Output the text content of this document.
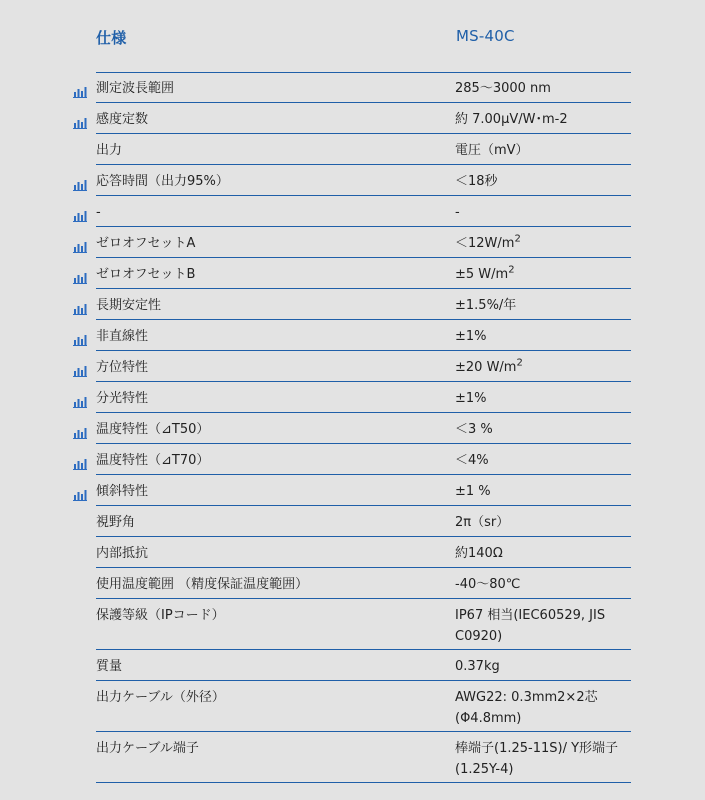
仕様	MS-40C
測定波長範囲	285～3000 nm
感度定数	約 7.00μV/W･m-2
出力	電圧（mV）
応答時間（出力95%）	＜18秒
-	-
ゼロオフセットA	$<12W/m^2$
ゼロオフセットB	±5 $W/m^2$
長期安定性	±1.5%/年
非直線性	±1%
方位特性	±20 $W/m^2$
分光特性	±1%
温度特性（⊿T50）	＜3 %
温度特性（⊿T70）	＜4%
傾斜特性	±1 %
視野角	2π（sr）
内部抵抗	約140Ω
使用温度範囲 （精度保証温度範囲）	-40～80℃
保護等級（IPコード）	IP67 相当(IEC60529, JIS C0920)
質量	0.37kg
出力ケーブル（外径）	AWG22: 0.3mm2×2芯 (Φ4.8mm)
出力ケーブル端子	棒端子(1.25-11S)/ Y形端子 (1.25Y-4)
